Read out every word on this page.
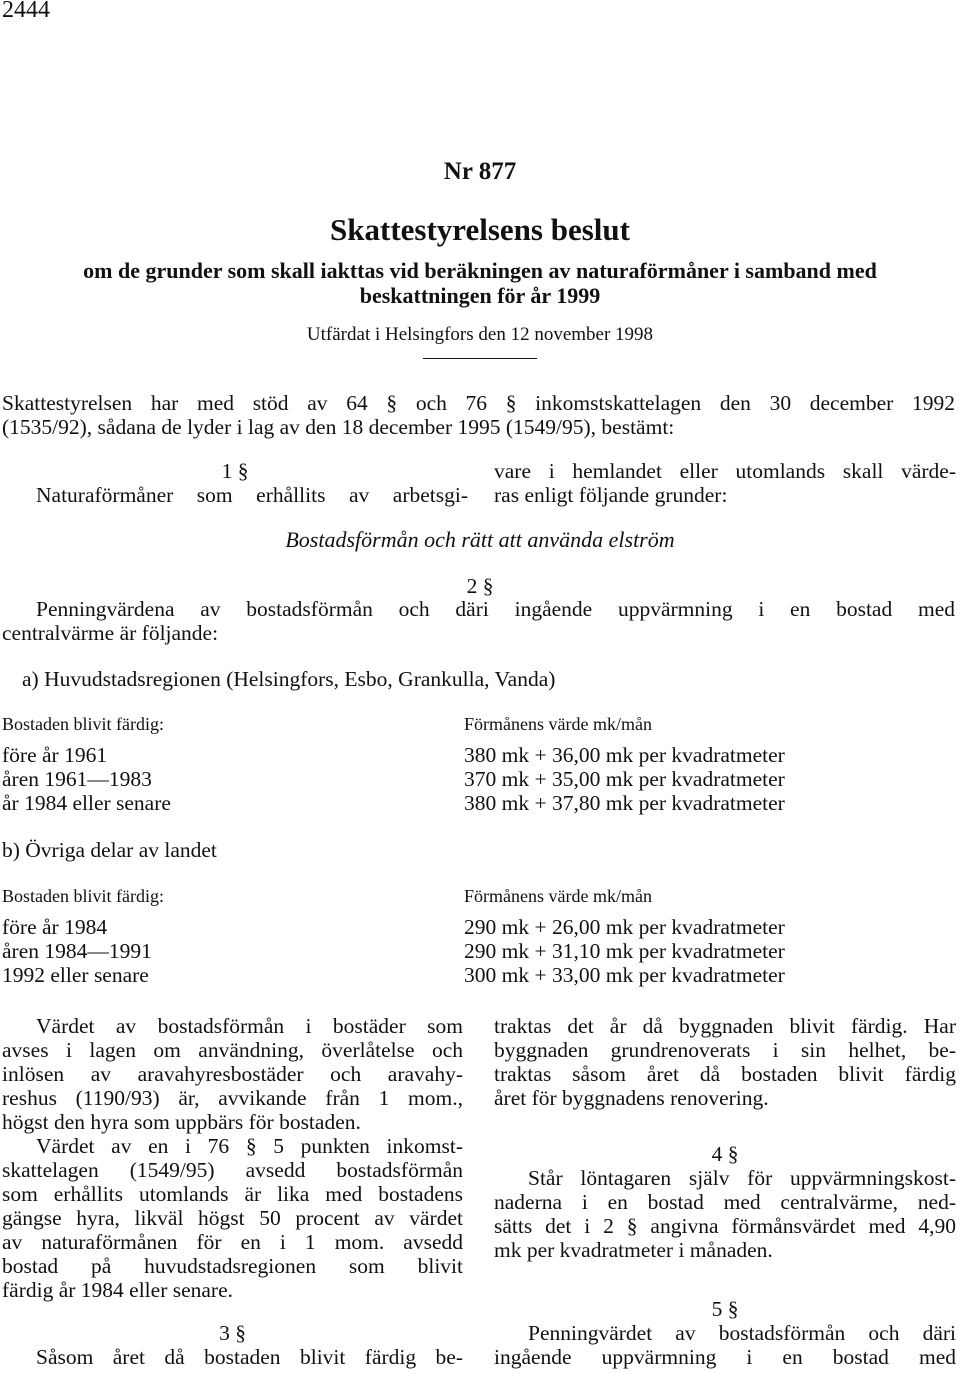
2444
Nr 877
Skattestyrelsens beslut
om de grunder som skall iakttas vid beräkningen av naturaförmåner i samband med
beskattningen för år 1999
Utfärdat i Helsingfors den 12 november 1998
Skattestyrelsen har med stöd av 64 § och 76 § inkomstskattelagen den 30 december 1992
(1535/92), sådana de lyder i lag av den 18 december 1995 (1549/95), bestämt:
1 §
Naturaförmåner som erhållits av arbetsgi-
vare i hemlandet eller utomlands skall värde-
ras enligt följande grunder:
Bostadsförmån och rätt att använda elström
2 §
Penningvärdena av bostadsförmån och däri ingående uppvärmning i en bostad med
centralvärme är följande:
a) Huvudstadsregionen (Helsingfors, Esbo, Grankulla, Vanda)
Bostaden blivit färdig:	Förmånens värde mk/mån
före år 1961
åren 1961—1983
år 1984 eller senare
380 mk + 36,00 mk per kvadratmeter
370 mk + 35,00 mk per kvadratmeter
380 mk + 37,80 mk per kvadratmeter
b) Övriga delar av landet
Bostaden blivit färdig:	Förmånens värde mk/mån
före år 1984
åren 1984—1991
1992 eller senare
290 mk + 26,00 mk per kvadratmeter
290 mk + 31,10 mk per kvadratmeter
300 mk + 33,00 mk per kvadratmeter
Värdet av bostadsförmån i bostäder som
avses i lagen om användning, överlåtelse och
inlösen av aravahyresbostäder och aravahy-
reshus (1190/93) är, avvikande från 1 mom.,
högst den hyra som uppbärs för bostaden.
Värdet av en i 76 § 5 punkten inkomst-
skattelagen (1549/95) avsedd bostadsförmån
som erhållits utomlands är lika med bostadens
gängse hyra, likväl högst 50 procent av värdet
av naturaförmånen för en i 1 mom. avsedd
bostad på huvudstadsregionen som blivit
färdig år 1984 eller senare.
3 §
Såsom året då bostaden blivit färdig be-
traktas det år då byggnaden blivit färdig. Har
byggnaden grundrenoverats i sin helhet, be-
traktas såsom året då bostaden blivit färdig
året för byggnadens renovering.
4 §
Står löntagaren själv för uppvärmningskost-
naderna i en bostad med centralvärme, ned-
sätts det i 2 § angivna förmånsvärdet med 4,90
mk per kvadratmeter i månaden.
5 §
Penningvärdet av bostadsförmån och däri
ingående uppvärmning i en bostad med
